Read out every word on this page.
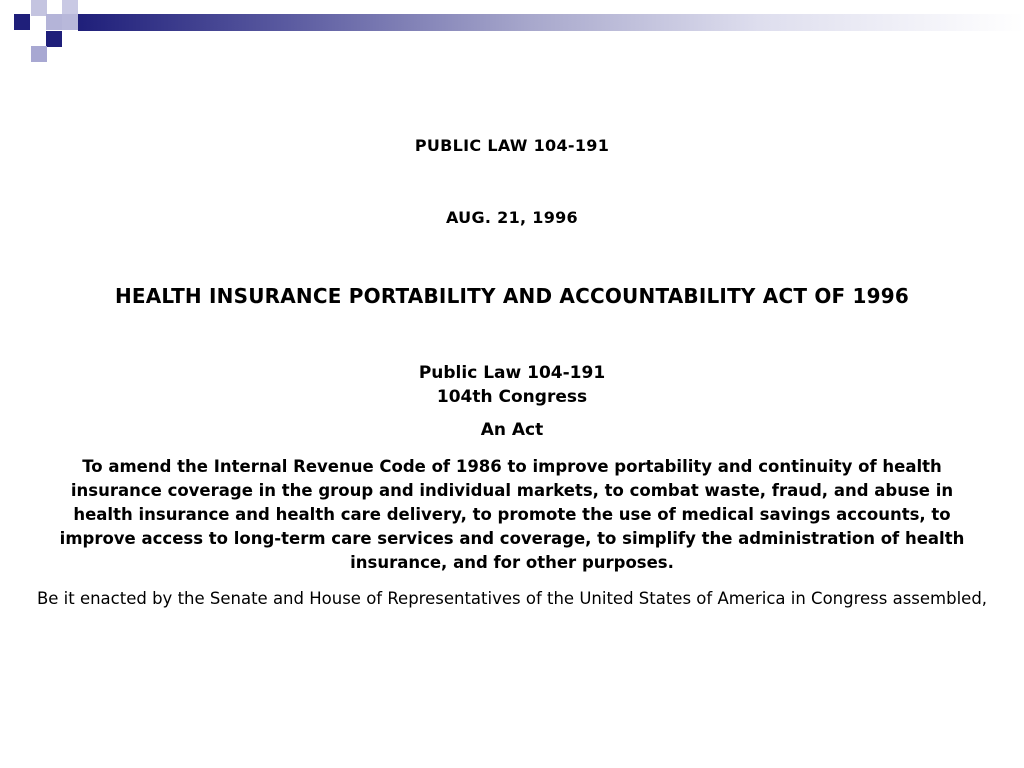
PUBLIC LAW 104-191
AUG. 21, 1996
HEALTH INSURANCE PORTABILITY AND ACCOUNTABILITY ACT OF 1996
Public Law 104-191
104th Congress
An Act
To amend the Internal Revenue Code of 1986 to improve portability and continuity of health insurance coverage in the group and individual markets, to combat waste, fraud, and abuse in health insurance and health care delivery, to promote the use of medical savings accounts, to improve access to long-term care services and coverage, to simplify the administration of health insurance, and for other purposes.
Be it enacted by the Senate and House of Representatives of the United States of America in Congress assembled,
